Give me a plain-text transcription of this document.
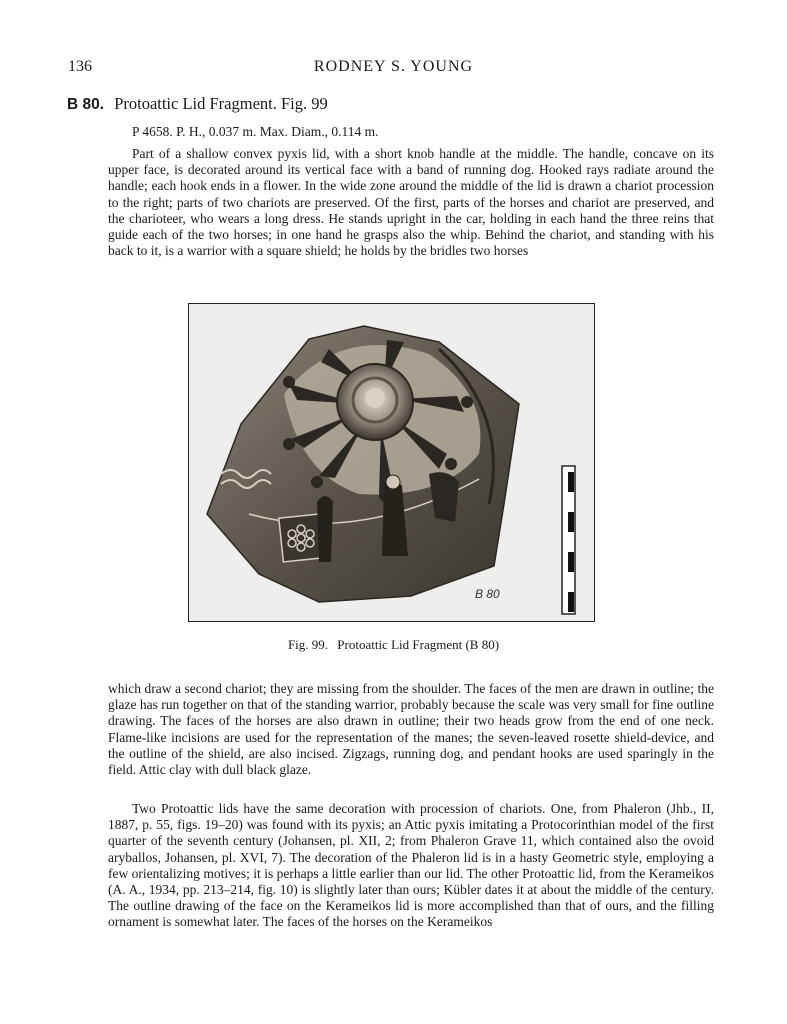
136	RODNEY S. YOUNG
B 80. Protoattic Lid Fragment. Fig. 99
P 4658. P. H., 0.037 m. Max. Diam., 0.114 m.

Part of a shallow convex pyxis lid, with a short knob handle at the middle. The handle, concave on its upper face, is decorated around its vertical face with a band of running dog. Hooked rays radiate around the handle; each hook ends in a flower. In the wide zone around the middle of the lid is drawn a chariot procession to the right; parts of two chariots are preserved. Of the first, parts of the horses and chariot are preserved, and the charioteer, who wears a long dress. He stands upright in the car, holding in each hand the three reins that guide each of the two horses; in one hand he grasps also the whip. Behind the chariot, and standing with his back to it, is a warrior with a square shield; he holds by the bridles two horses

B 80
Fig. 99. Protoattic Lid Fragment (B 80)

which draw a second chariot; they are missing from the shoulder. The faces of the men are drawn in outline; the glaze has run together on that of the standing warrior, probably because the scale was very small for fine outline drawing. The faces of the horses are also drawn in outline; their two heads grow from the end of one neck. Flame-like incisions are used for the representation of the manes; the seven-leaved rosette shield-device, and the outline of the shield, are also incised. Zigzags, running dog, and pendant hooks are used sparingly in the field. Attic clay with dull black glaze.

Two Protoattic lids have the same decoration with procession of chariots. One, from Phaleron (Jhb., II, 1887, p. 55, figs. 19–20) was found with its pyxis; an Attic pyxis imitating a Protocorinthian model of the first quarter of the seventh century (Johansen, pl. XII, 2; from Phaleron Grave 11, which contained also the ovoid aryballos, Johansen, pl. XVI, 7). The decoration of the Phaleron lid is in a hasty Geometric style, employing a few orientalizing motives; it is perhaps a little earlier than our lid. The other Protoattic lid, from the Kerameikos (A. A., 1934, pp. 213–214, fig. 10) is slightly later than ours; Kübler dates it at about the middle of the century. The outline drawing of the face on the Kerameikos lid is more accomplished than that of ours, and the filling ornament is somewhat later. The faces of the horses on the Kerameikos
